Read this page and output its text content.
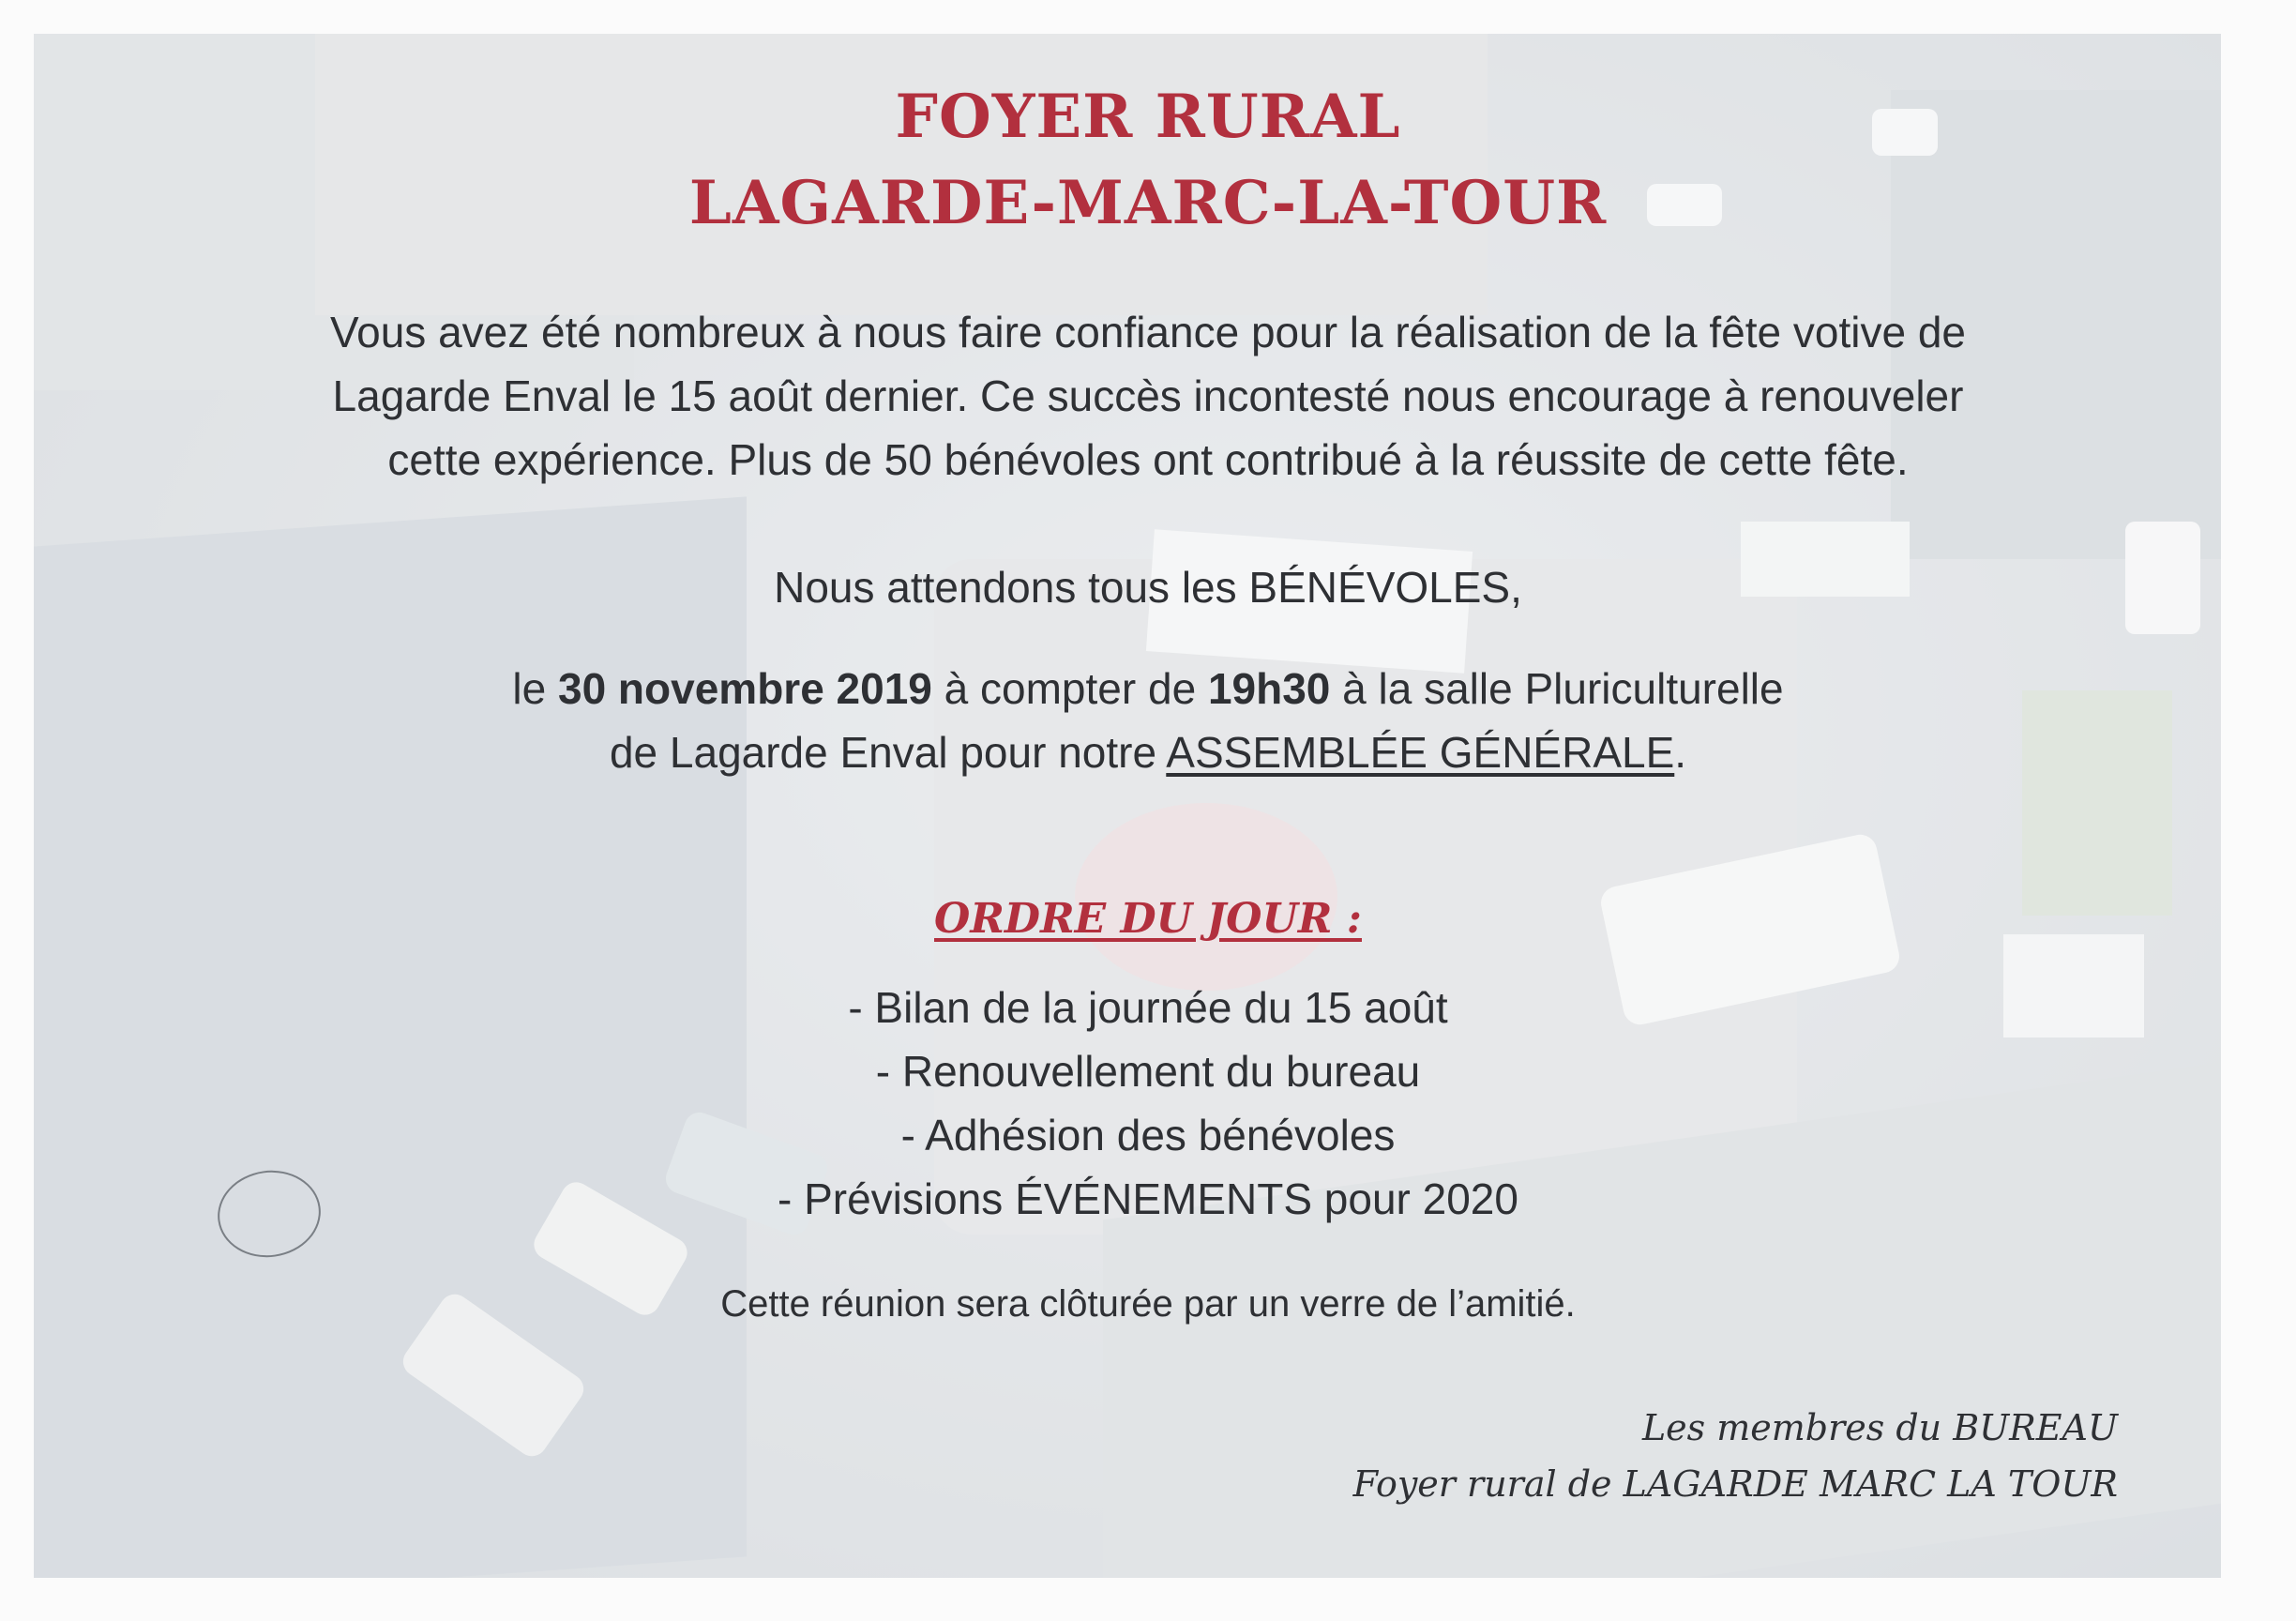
FOYER RURAL
LAGARDE-MARC-LA-TOUR
Vous avez été nombreux à nous faire confiance pour la réalisation de la fête votive de
Lagarde Enval le 15 août dernier. Ce succès incontesté nous encourage à renouveler
cette expérience. Plus de 50 bénévoles ont contribué à la réussite de cette fête.
Nous attendons tous les BÉNÉVOLES,
le 30 novembre 2019 à compter de 19h30 à la salle Pluriculturelle
de Lagarde Enval pour notre ASSEMBLÉE GÉNÉRALE.
ORDRE DU JOUR :
- Bilan de la journée du 15 août
- Renouvellement du bureau
- Adhésion des bénévoles
- Prévisions ÉVÉNEMENTS pour 2020
Cette réunion sera clôturée par un verre de l’amitié.
Les membres du BUREAU
Foyer rural de LAGARDE MARC LA TOUR
